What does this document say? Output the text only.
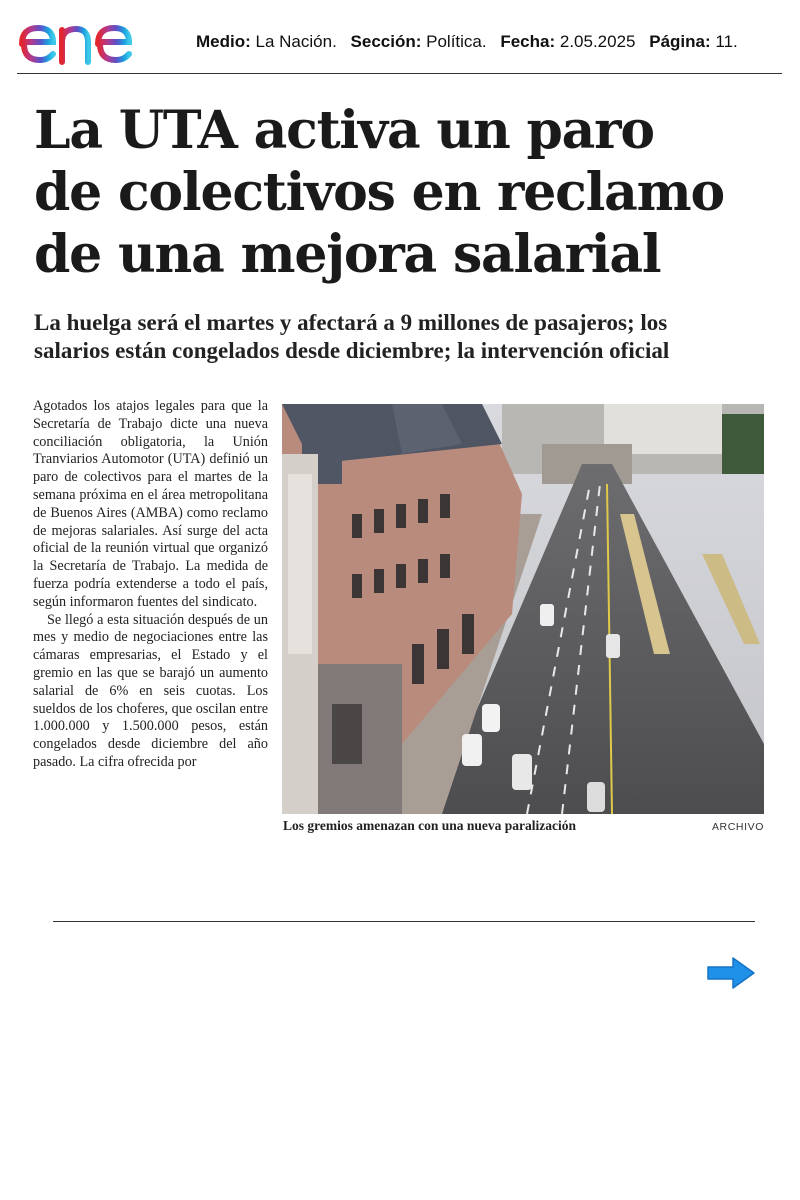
Medio: La Nación. Sección: Política. Fecha: 2.05.2025 Página: 11.
La UTA activa un paro
de colectivos en reclamo
de una mejora salarial
La huelga será el martes y afectará a 9 millones de pasajeros; los
salarios están congelados desde diciembre; la intervención oficial

Agotados los atajos legales para que la Secretaría de Trabajo dicte una nueva conciliación obligatoria, la Unión Tranviarios Automotor (UTA) definió un paro de colectivos para el martes de la semana próxima en el área metropolitana de Buenos Aires (AMBA) como reclamo de mejoras salariales. Así surge del acta oficial de la reunión virtual que organizó la Secretaría de Trabajo. La medida de fuerza podría extenderse a todo el país, según informaron fuentes del sindicato.

Se llegó a esta situación después de un mes y medio de negociaciones entre las cámaras empresarias, el Estado y el gremio en las que se barajó un aumento salarial de 6% en seis cuotas. Los sueldos de los choferes, que oscilan entre 1.000.000 y 1.500.000 pesos, están congelados desde diciembre del año pasado. La cifra ofrecida por

Los gremios amenazan con una nueva paralización	ARCHIVO
